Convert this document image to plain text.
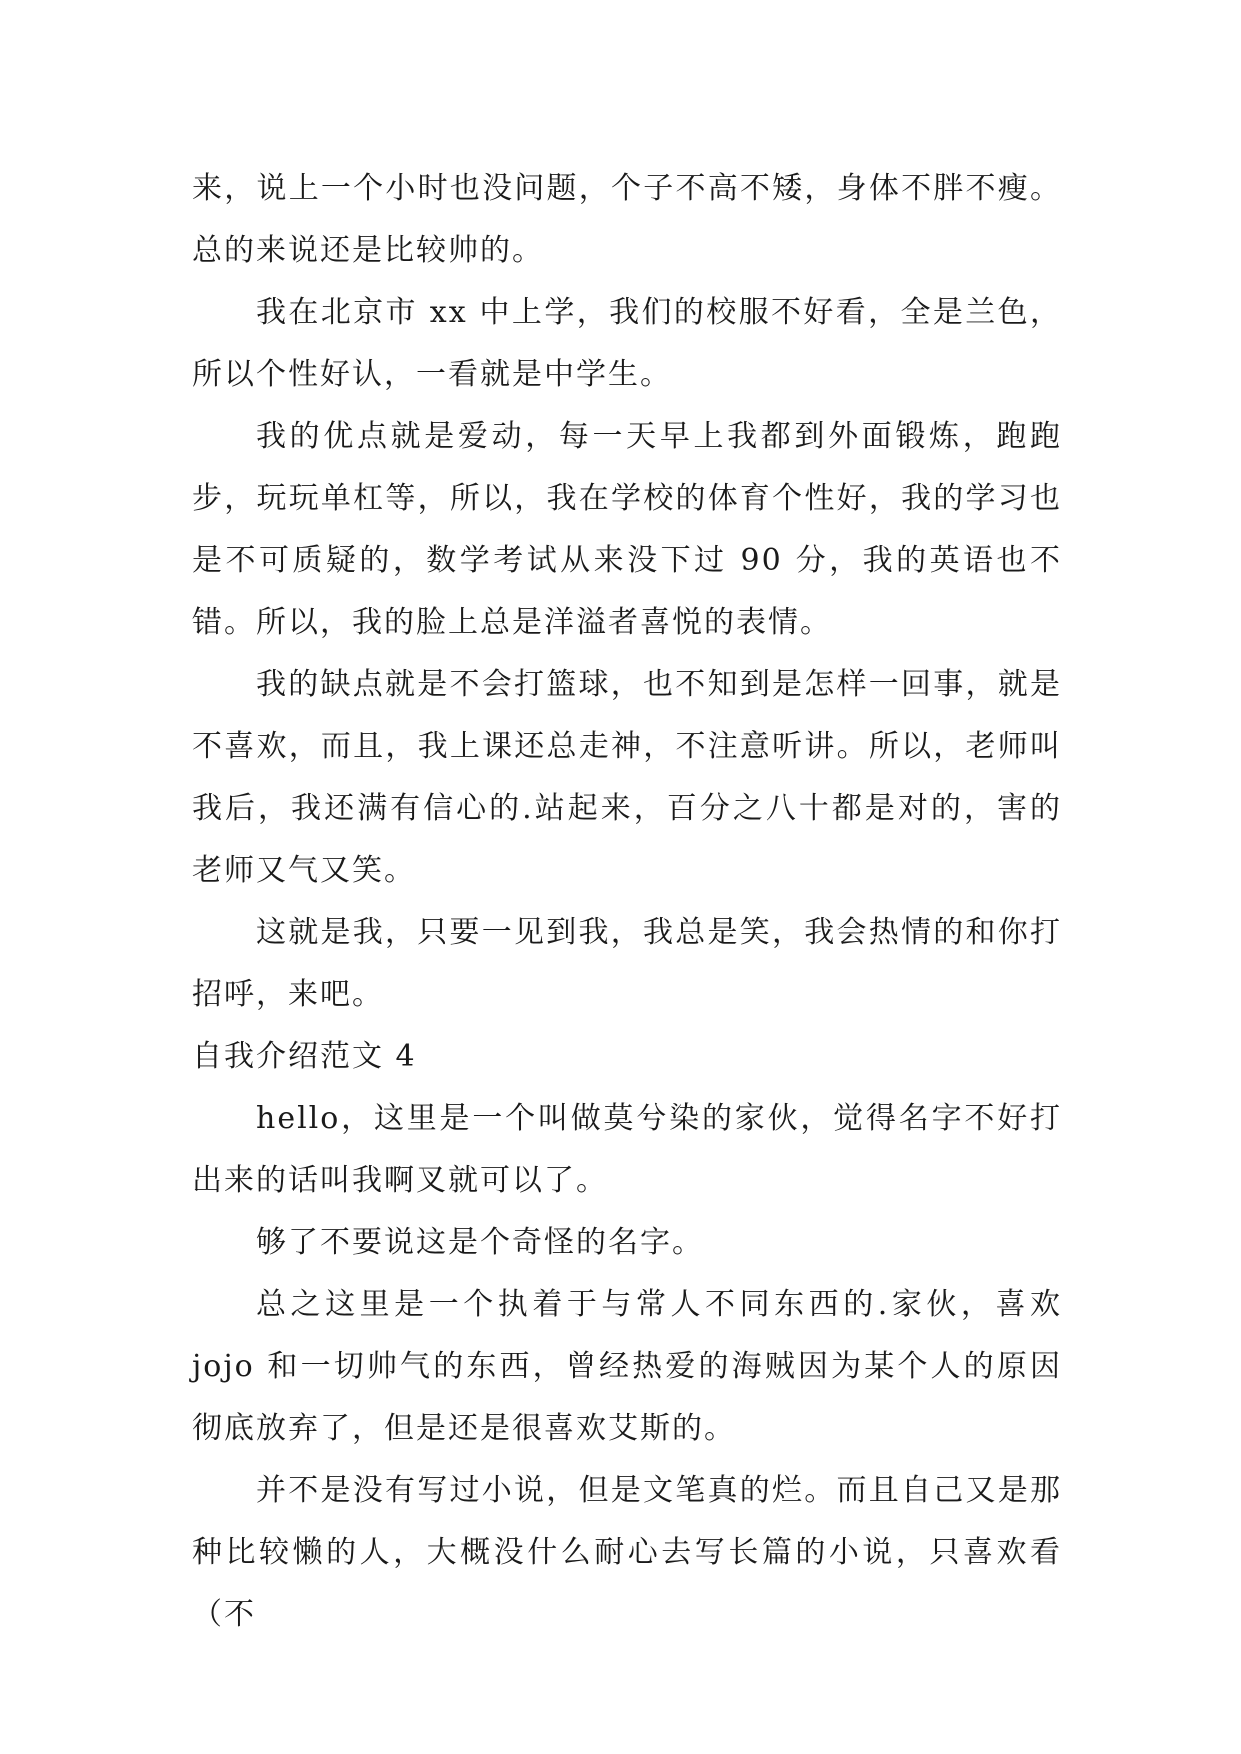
来，说上一个小时也没问题，个子不高不矮，身体不胖不瘦。总的来说还是比较帅的。

我在北京市 xx 中上学，我们的校服不好看，全是兰色，所以个性好认，一看就是中学生。

我的优点就是爱动，每一天早上我都到外面锻炼，跑跑步，玩玩单杠等，所以，我在学校的体育个性好，我的学习也是不可质疑的，数学考试从来没下过 90 分，我的英语也不错。所以，我的脸上总是洋溢者喜悦的表情。

我的缺点就是不会打篮球，也不知到是怎样一回事，就是不喜欢，而且，我上课还总走神，不注意听讲。所以，老师叫我后，我还满有信心的.站起来，百分之八十都是对的，害的老师又气又笑。

这就是我，只要一见到我，我总是笑，我会热情的和你打招呼，来吧。

自我介绍范文 4

hello，这里是一个叫做莫兮染的家伙，觉得名字不好打出来的话叫我啊叉就可以了。

够了不要说这是个奇怪的名字。

总之这里是一个执着于与常人不同东西的.家伙，喜欢 jojo 和一切帅气的东西，曾经热爱的海贼因为某个人的原因彻底放弃了，但是还是很喜欢艾斯的。

并不是没有写过小说，但是文笔真的烂。而且自己又是那种比较懒的人，大概没什么耐心去写长篇的小说，只喜欢看（不
